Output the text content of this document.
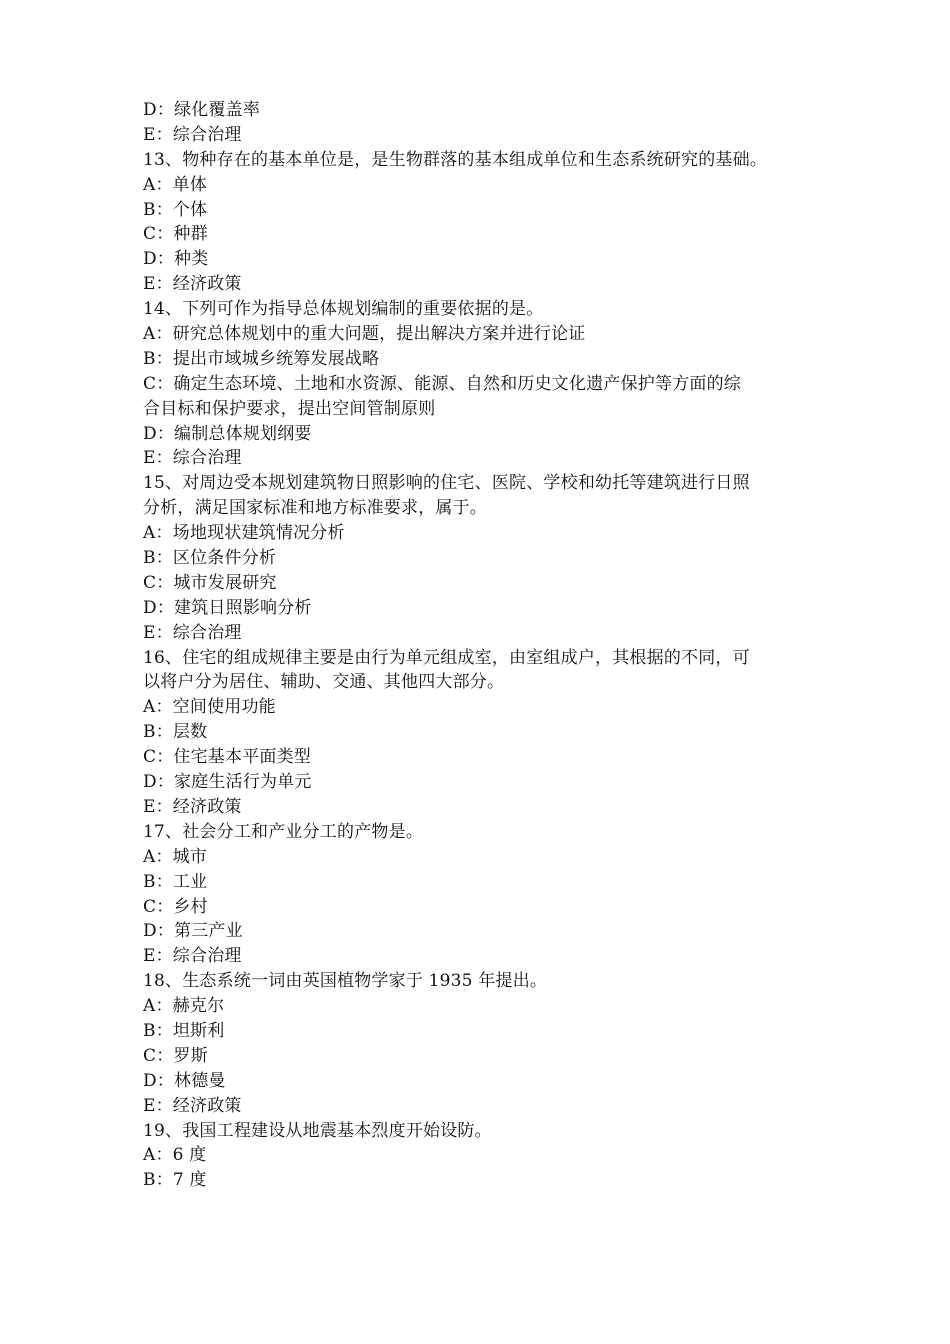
D：绿化覆盖率
E：综合治理
13、物种存在的基本单位是，是生物群落的基本组成单位和生态系统研究的基础。
A：单体
B：个体
C：种群
D：种类
E：经济政策
14、下列可作为指导总体规划编制的重要依据的是。
A：研究总体规划中的重大问题，提出解决方案并进行论证
B：提出市域城乡统筹发展战略
C：确定生态环境、土地和水资源、能源、自然和历史文化遗产保护等方面的综
合目标和保护要求，提出空间管制原则
D：编制总体规划纲要
E：综合治理
15、对周边受本规划建筑物日照影响的住宅、医院、学校和幼托等建筑进行日照
分析，满足国家标准和地方标准要求，属于。
A：场地现状建筑情况分析
B：区位条件分析
C：城市发展研究
D：建筑日照影响分析
E：综合治理
16、住宅的组成规律主要是由行为单元组成室，由室组成户，其根据的不同，可
以将户分为居住、辅助、交通、其他四大部分。
A：空间使用功能
B：层数
C：住宅基本平面类型
D：家庭生活行为单元
E：经济政策
17、社会分工和产业分工的产物是。
A：城市
B：工业
C：乡村
D：第三产业
E：综合治理
18、生态系统一词由英国植物学家于 1935 年提出。
A：赫克尔
B：坦斯利
C：罗斯
D：林德曼
E：经济政策
19、我国工程建设从地震基本烈度开始设防。
A：6 度
B：7 度
